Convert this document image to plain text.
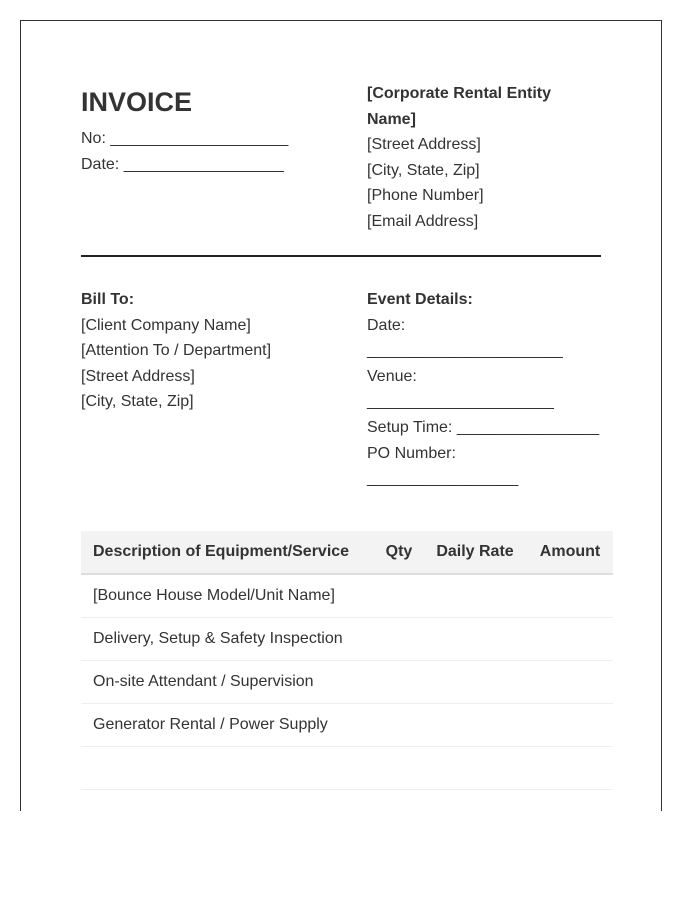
INVOICE
No: ____________________
Date: __________________
[Corporate Rental Entity Name]
[Street Address]
[City, State, Zip]
[Phone Number]
[Email Address]
Bill To:
[Client Company Name]
[Attention To / Department]
[Street Address]
[City, State, Zip]
Event Details:
Date:
______________________
Venue:
_____________________
Setup Time: ________________
PO Number:
_________________
Description of Equipment/Service	Qty	Daily Rate	Amount
[Bounce House Model/Unit Name]			
Delivery, Setup & Safety Inspection			
On-site Attendant / Supervision			
Generator Rental / Power Supply			
